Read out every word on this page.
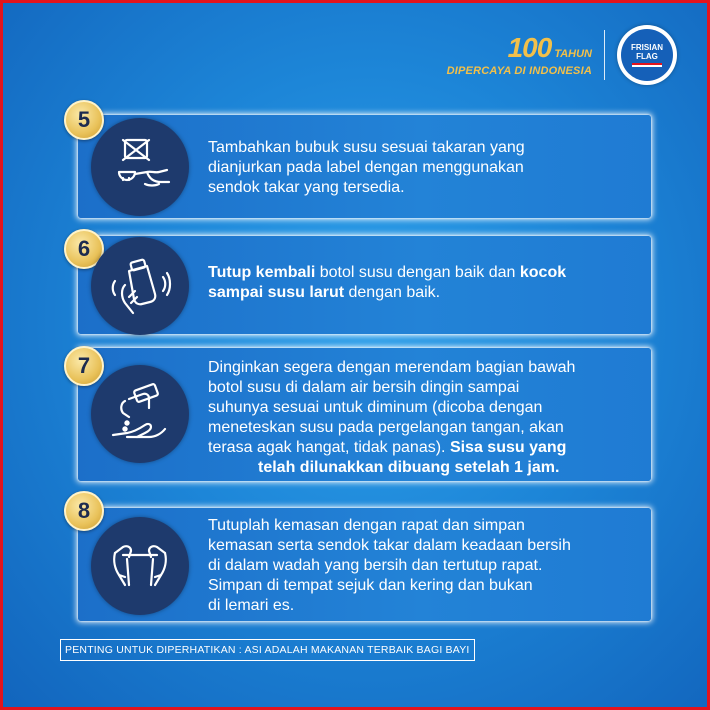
100 TAHUN
DIPERCAYA DI INDONESIA
FRISIAN
FLAG
5
Tambahkan bubuk susu sesuai takaran yang
dianjurkan pada label dengan menggunakan
sendok takar yang tersedia.
6
Tutup kembali botol susu dengan baik dan kocok
sampai susu larut dengan baik.
7	Dinginkan segera dengan merendam bagian bawah
botol susu di dalam air bersih dingin sampai
suhunya sesuai untuk diminum (dicoba dengan
meneteskan susu pada pergelangan tangan, akan
terasa agak hangat, tidak panas). Sisa susu yang
telah dilunakkan dibuang setelah 1 jam.
8
Tutuplah kemasan dengan rapat dan simpan
kemasan serta sendok takar dalam keadaan bersih
di dalam wadah yang bersih dan tertutup rapat.
Simpan di tempat sejuk dan kering dan bukan
di lemari es.
PENTING UNTUK DIPERHATIKAN : ASI ADALAH MAKANAN TERBAIK BAGI BAYI
